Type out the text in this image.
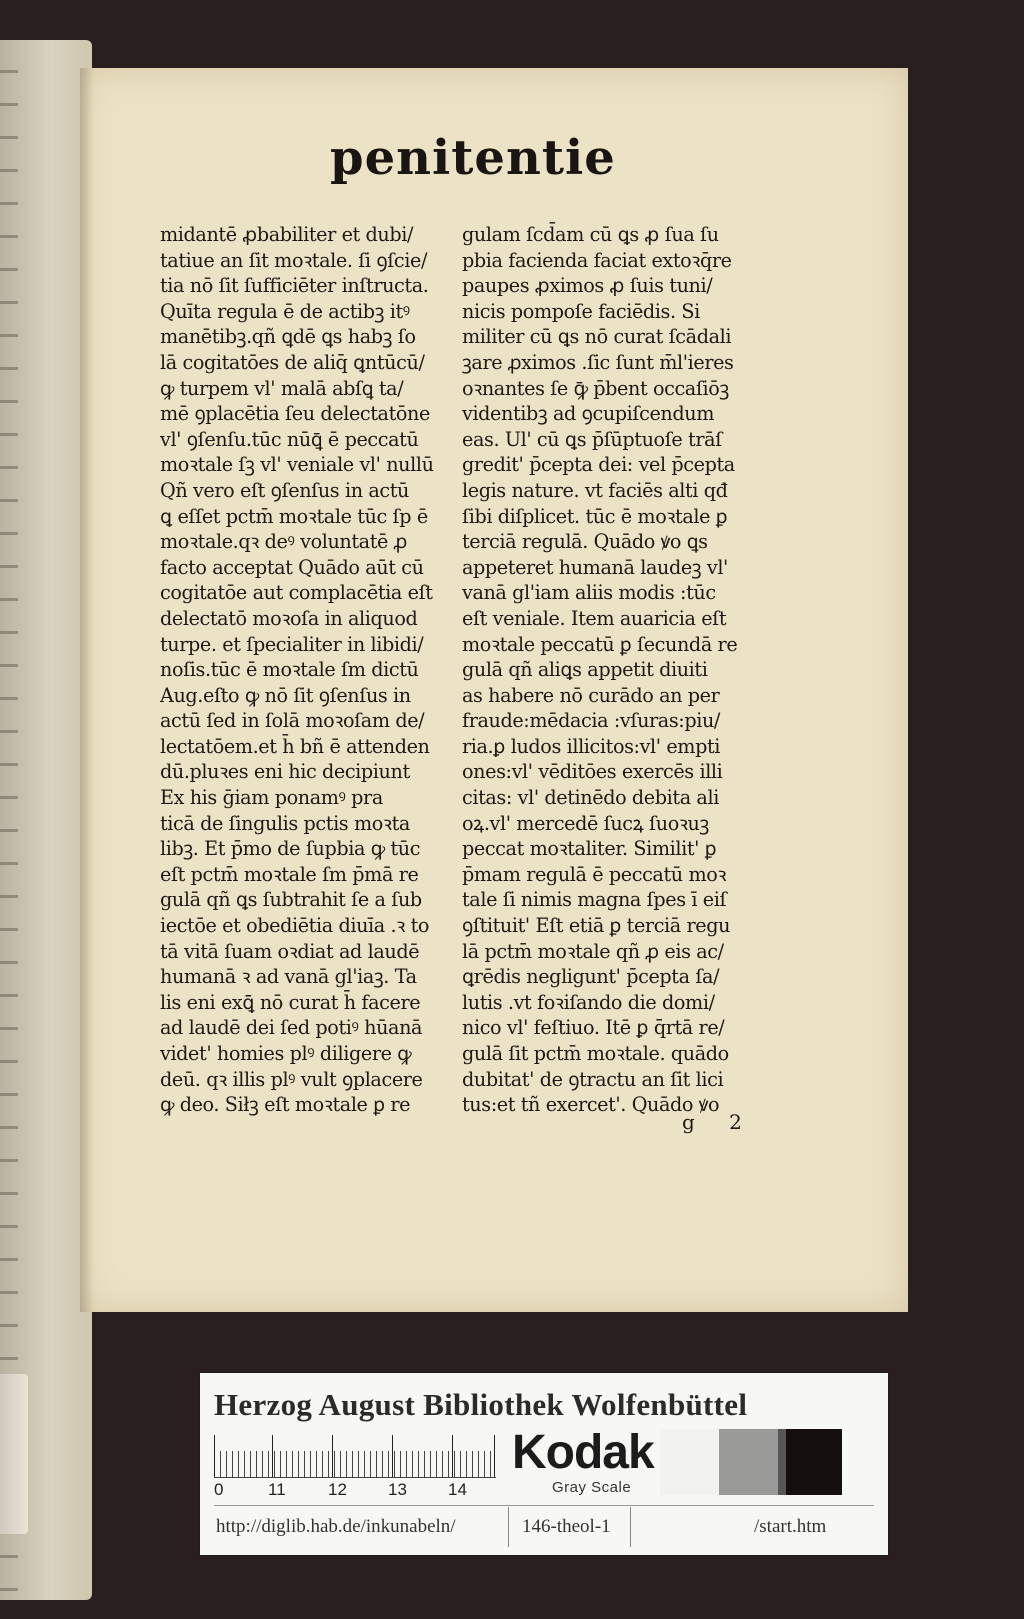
penitentie
midantē ꝓbabiliter et dubi/
tatiue an ſit moꝛtale. ſi ꝯſcie/
tia nō ſit ſufficiēter inſtructa.
Quīta regula ē de actibꝫ itꝰ
manētibꝫ.qñ ꝗdē ꝗs habꝫ ſo
lā cogitatōes de aliq̄ ꝗntūcū/
ꝙ turpem vl' malā abſꝗ ta/
mē ꝯplacētia ſeu delectatōne
vl' ꝯſenſu.tūc nūꝗ̄ ē peccatū
moꝛtale ſꝫ vl' veniale vl' nullū
Qñ vero eſt ꝯſenſus in actū
ꝗ eſſet pctm̄ moꝛtale tūc ſp ē
moꝛtale.qꝛ deꝰ voluntatē ꝓ
facto acceptat Quādo aūt cū
cogitatōe aut complacētia eſt
delectatō moꝛoſa in aliquod
turpe. et ſpecialiter in libidi/
noſis.tūc ē moꝛtale ſm dictū
Aug.eſto ꝙ nō ſit ꝯſenſus in
actū ſed in ſolā moꝛoſam de/
lectatōem.et h̄ bñ ē attenden
dū.pluꝛes eni hic decipiunt
Ex his ḡiam ponamꝰ pra
ticā de ſingulis pctis moꝛta
libꝫ. Et p̄mo de ſupbia ꝙ tūc
eſt pctm̄ moꝛtale ſm p̄mā re
gulā qñ ꝗs ſubtrahit ſe a ſub
iectōe et obediētia diuīa .ꝛ to
tā vitā ſuam oꝛdiat ad laudē
humanā ꝛ ad vanā gl'iaꝫ. Ta
lis eni exꝗ̄ nō curat h̄ facere
ad laudē dei ſed potiꝰ hūanā
videt' homies plꝰ diligere ꝙ
deū. qꝛ illis plꝰ vult ꝯplacere
ꝙ deo. Siłꝫ eſt moꝛtale ꝑ re
gulam ſcd̄am cū ꝗs ꝓ ſua ſu
pbia facienda faciat extoꝛq̄re
paupes ꝓximos ꝓ ſuis tuni/
nicis pompoſe faciēdis. Si
militer cū ꝗs nō curat ſcādali
ꝫare ꝓximos .ſic ſunt m̄l'ieres
oꝛnantes ſe ꝙ̄ p̄bent occaſiōꝫ
videntibꝫ ad ꝯcupiſcendum
eas. Ul' cū ꝗs p̄ſūptuoſe trāſ
gredit' p̄cepta dei: vel p̄cepta
legis nature. vt faciēs alti qđ
ſibi diſplicet. tūc ē moꝛtale ꝑ
terciā regulā. Quādo ꝟo ꝗs
appeteret humanā laudeꝫ vl'
vanā gl'iam aliis modis :tūc
eſt veniale. Item auaricia eſt
moꝛtale peccatū ꝑ ſecundā re
gulā qñ aliꝗs appetit diuiti
as habere nō curādo an per
fraude:mēdacia :vſuras:piu/
ria.ꝑ ludos illicitos:vl' empti
ones:vl' vēditōes exercēs illi
citas: vl' detinēdo debita ali
oꝝ.vl' mercedē ſucꝝ ſuoꝛuꝫ
peccat moꝛtaliter. Similit' ꝑ
p̄mam regulā ē peccatū moꝛ
tale ſi nimis magna ſpes ī eiſ
ꝯſtituit' Eſt etiā ꝑ terciā regu
lā pctm̄ moꝛtale qñ ꝓ eis ac/
ꝗrēdis negligunt' p̄cepta ſa/
lutis .vt foꝛiſando die domi/
nico vl' feſtiuo. Itē ꝑ q̄rtā re/
gulā ſit pctm̄ moꝛtale. quādo
dubitat' de ꝯtractu an ſit lici
tus:et tñ exercet'. Quādo ꝟo
g 2
Herzog August Bibliothek Wolfenbüttel
0	11 12 13 14
Kodak
Gray Scale
http://diglib.hab.de/inkunabeln/	146-theol-1	/start.htm
